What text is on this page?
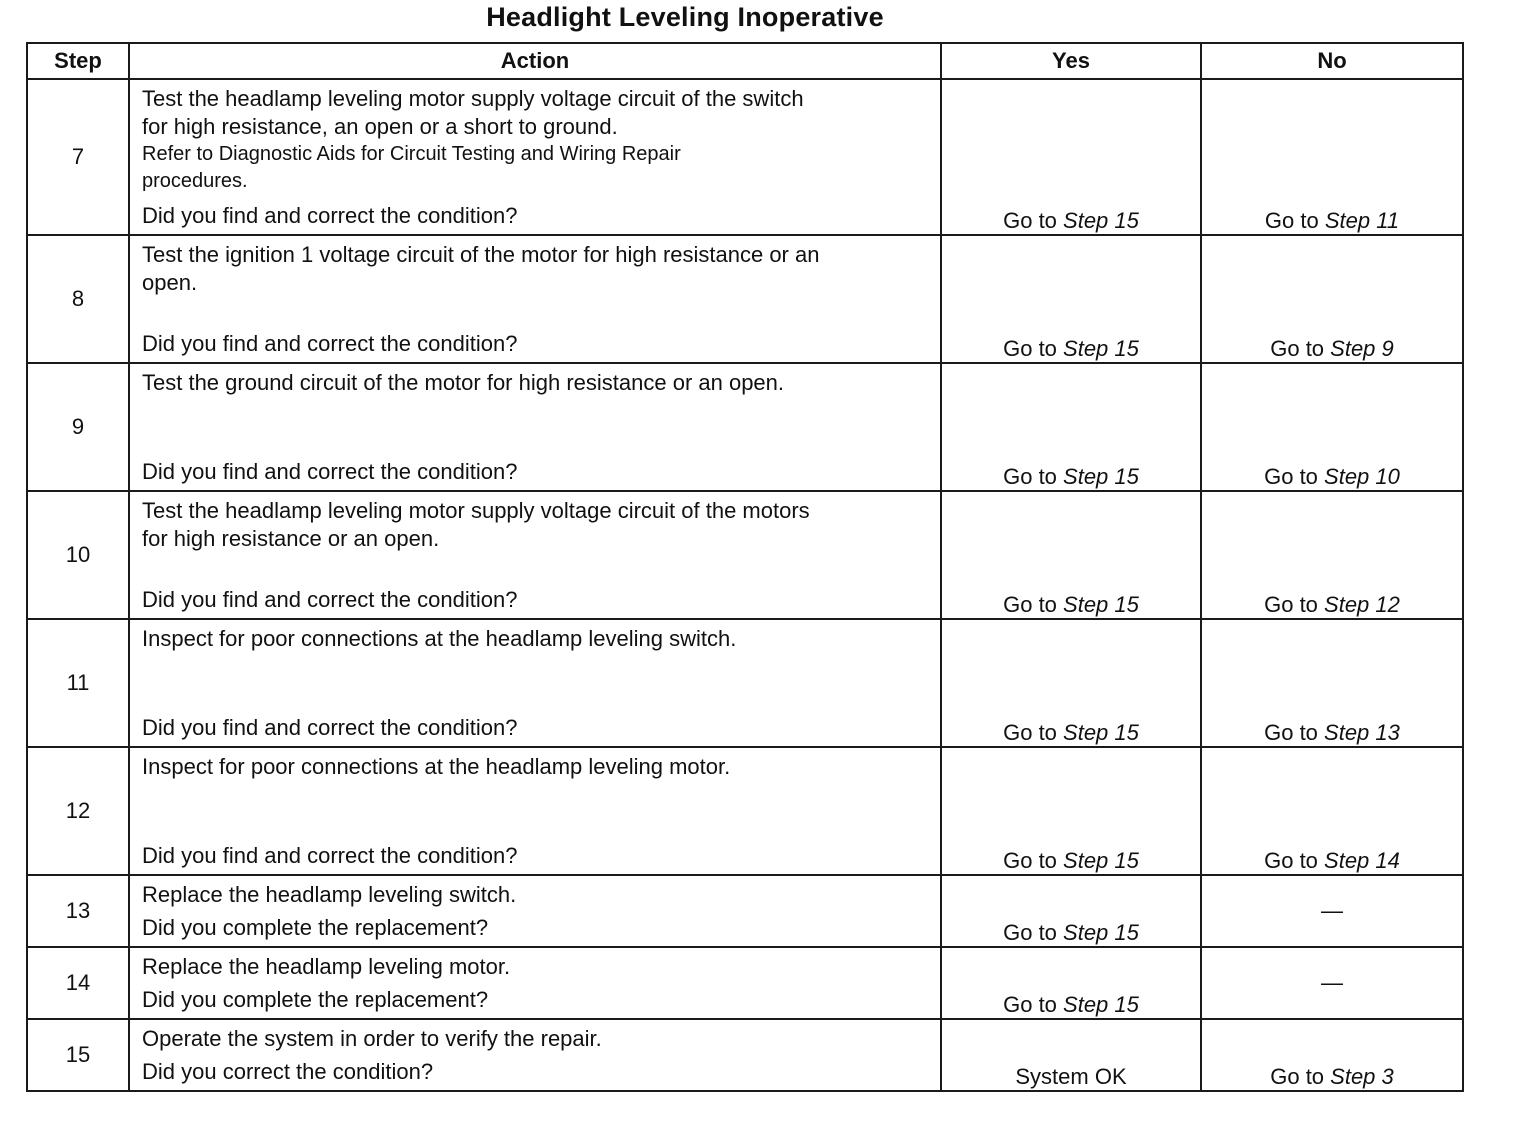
Headlight Leveling Inoperative
Step	Action	Yes	No
7	Test the headlamp leveling motor supply voltage circuit of the switch
for high resistance, an open or a short to ground.
Refer to Diagnostic Aids for Circuit Testing and Wiring Repair
procedures.
Did you find and correct the condition?	Go to Step 15	Go to Step 11
8	Test the ignition 1 voltage circuit of the motor for high resistance or an
open.
Did you find and correct the condition?	Go to Step 15	Go to Step 9
9	Test the ground circuit of the motor for high resistance or an open.
Did you find and correct the condition?	Go to Step 15	Go to Step 10
10	Test the headlamp leveling motor supply voltage circuit of the motors
for high resistance or an open.
Did you find and correct the condition?	Go to Step 15	Go to Step 12
11	Inspect for poor connections at the headlamp leveling switch.
Did you find and correct the condition?	Go to Step 15	Go to Step 13
12	Inspect for poor connections at the headlamp leveling motor.
Did you find and correct the condition?	Go to Step 15	Go to Step 14
13	Replace the headlamp leveling switch.
Did you complete the replacement?	Go to Step 15	—
14	Replace the headlamp leveling motor.
Did you complete the replacement?	Go to Step 15	—
15	Operate the system in order to verify the repair.
Did you correct the condition?	System OK	Go to Step 3
